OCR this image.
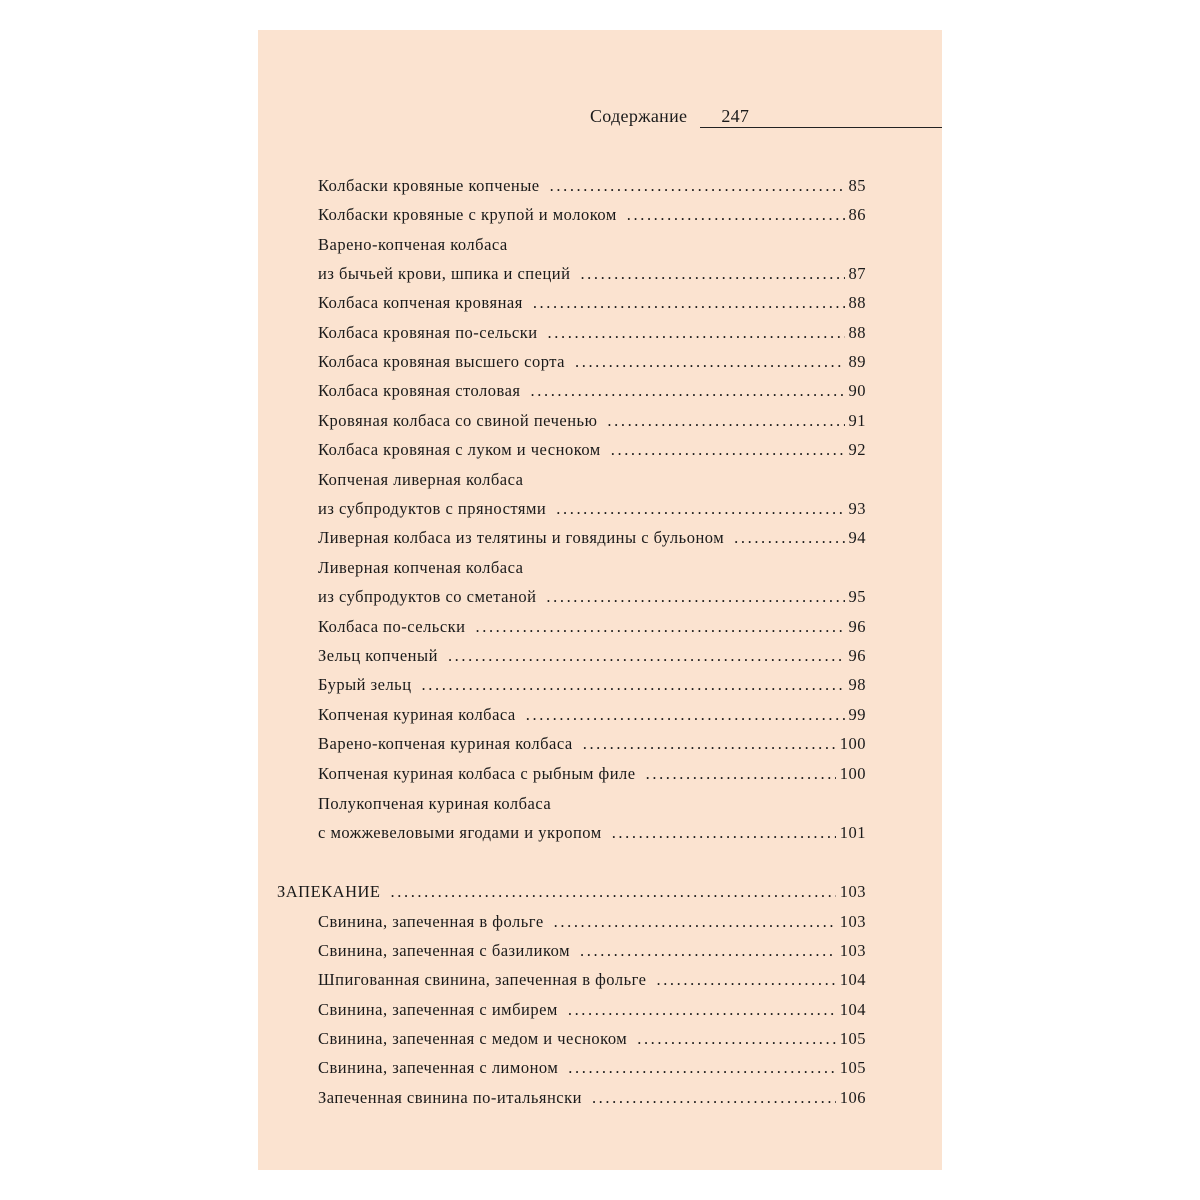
Содержание 247
Колбаски кровяные копченые .....	85
Колбаски кровяные с крупой и молоком .....	86
Варено-копченая колбаса
из бычьей крови, шпика и специй .....	87
Колбаса копченая кровяная .....	88
Колбаса кровяная по-сельски .....	88
Колбаса кровяная высшего сорта .....	89
Колбаса кровяная столовая .....	90
Кровяная колбаса со свиной печенью .....	91
Колбаса кровяная с луком и чесноком .....	92
Копченая ливерная колбаса
из субпродуктов с пряностями .....	93
Ливерная колбаса из телятины и говядины с бульоном .....	94
Ливерная копченая колбаса
из субпродуктов со сметаной .....	95
Колбаса по-сельски .....	96
Зельц копченый .....	96
Бурый зельц .....	98
Копченая куриная колбаса .....	99
Варено-копченая куриная колбаса .....	100
Копченая куриная колбаса с рыбным филе .....	100
Полукопченая куриная колбаса
с можжевеловыми ягодами и укропом .....	101
ЗАПЕКАНИЕ .....	103
Свинина, запеченная в фольге .....	103
Свинина, запеченная с базиликом .....	103
Шпигованная свинина, запеченная в фольге .....	104
Свинина, запеченная с имбирем .....	104
Свинина, запеченная с медом и чесноком .....	105
Свинина, запеченная с лимоном .....	105
Запеченная свинина по-итальянски .....	106
